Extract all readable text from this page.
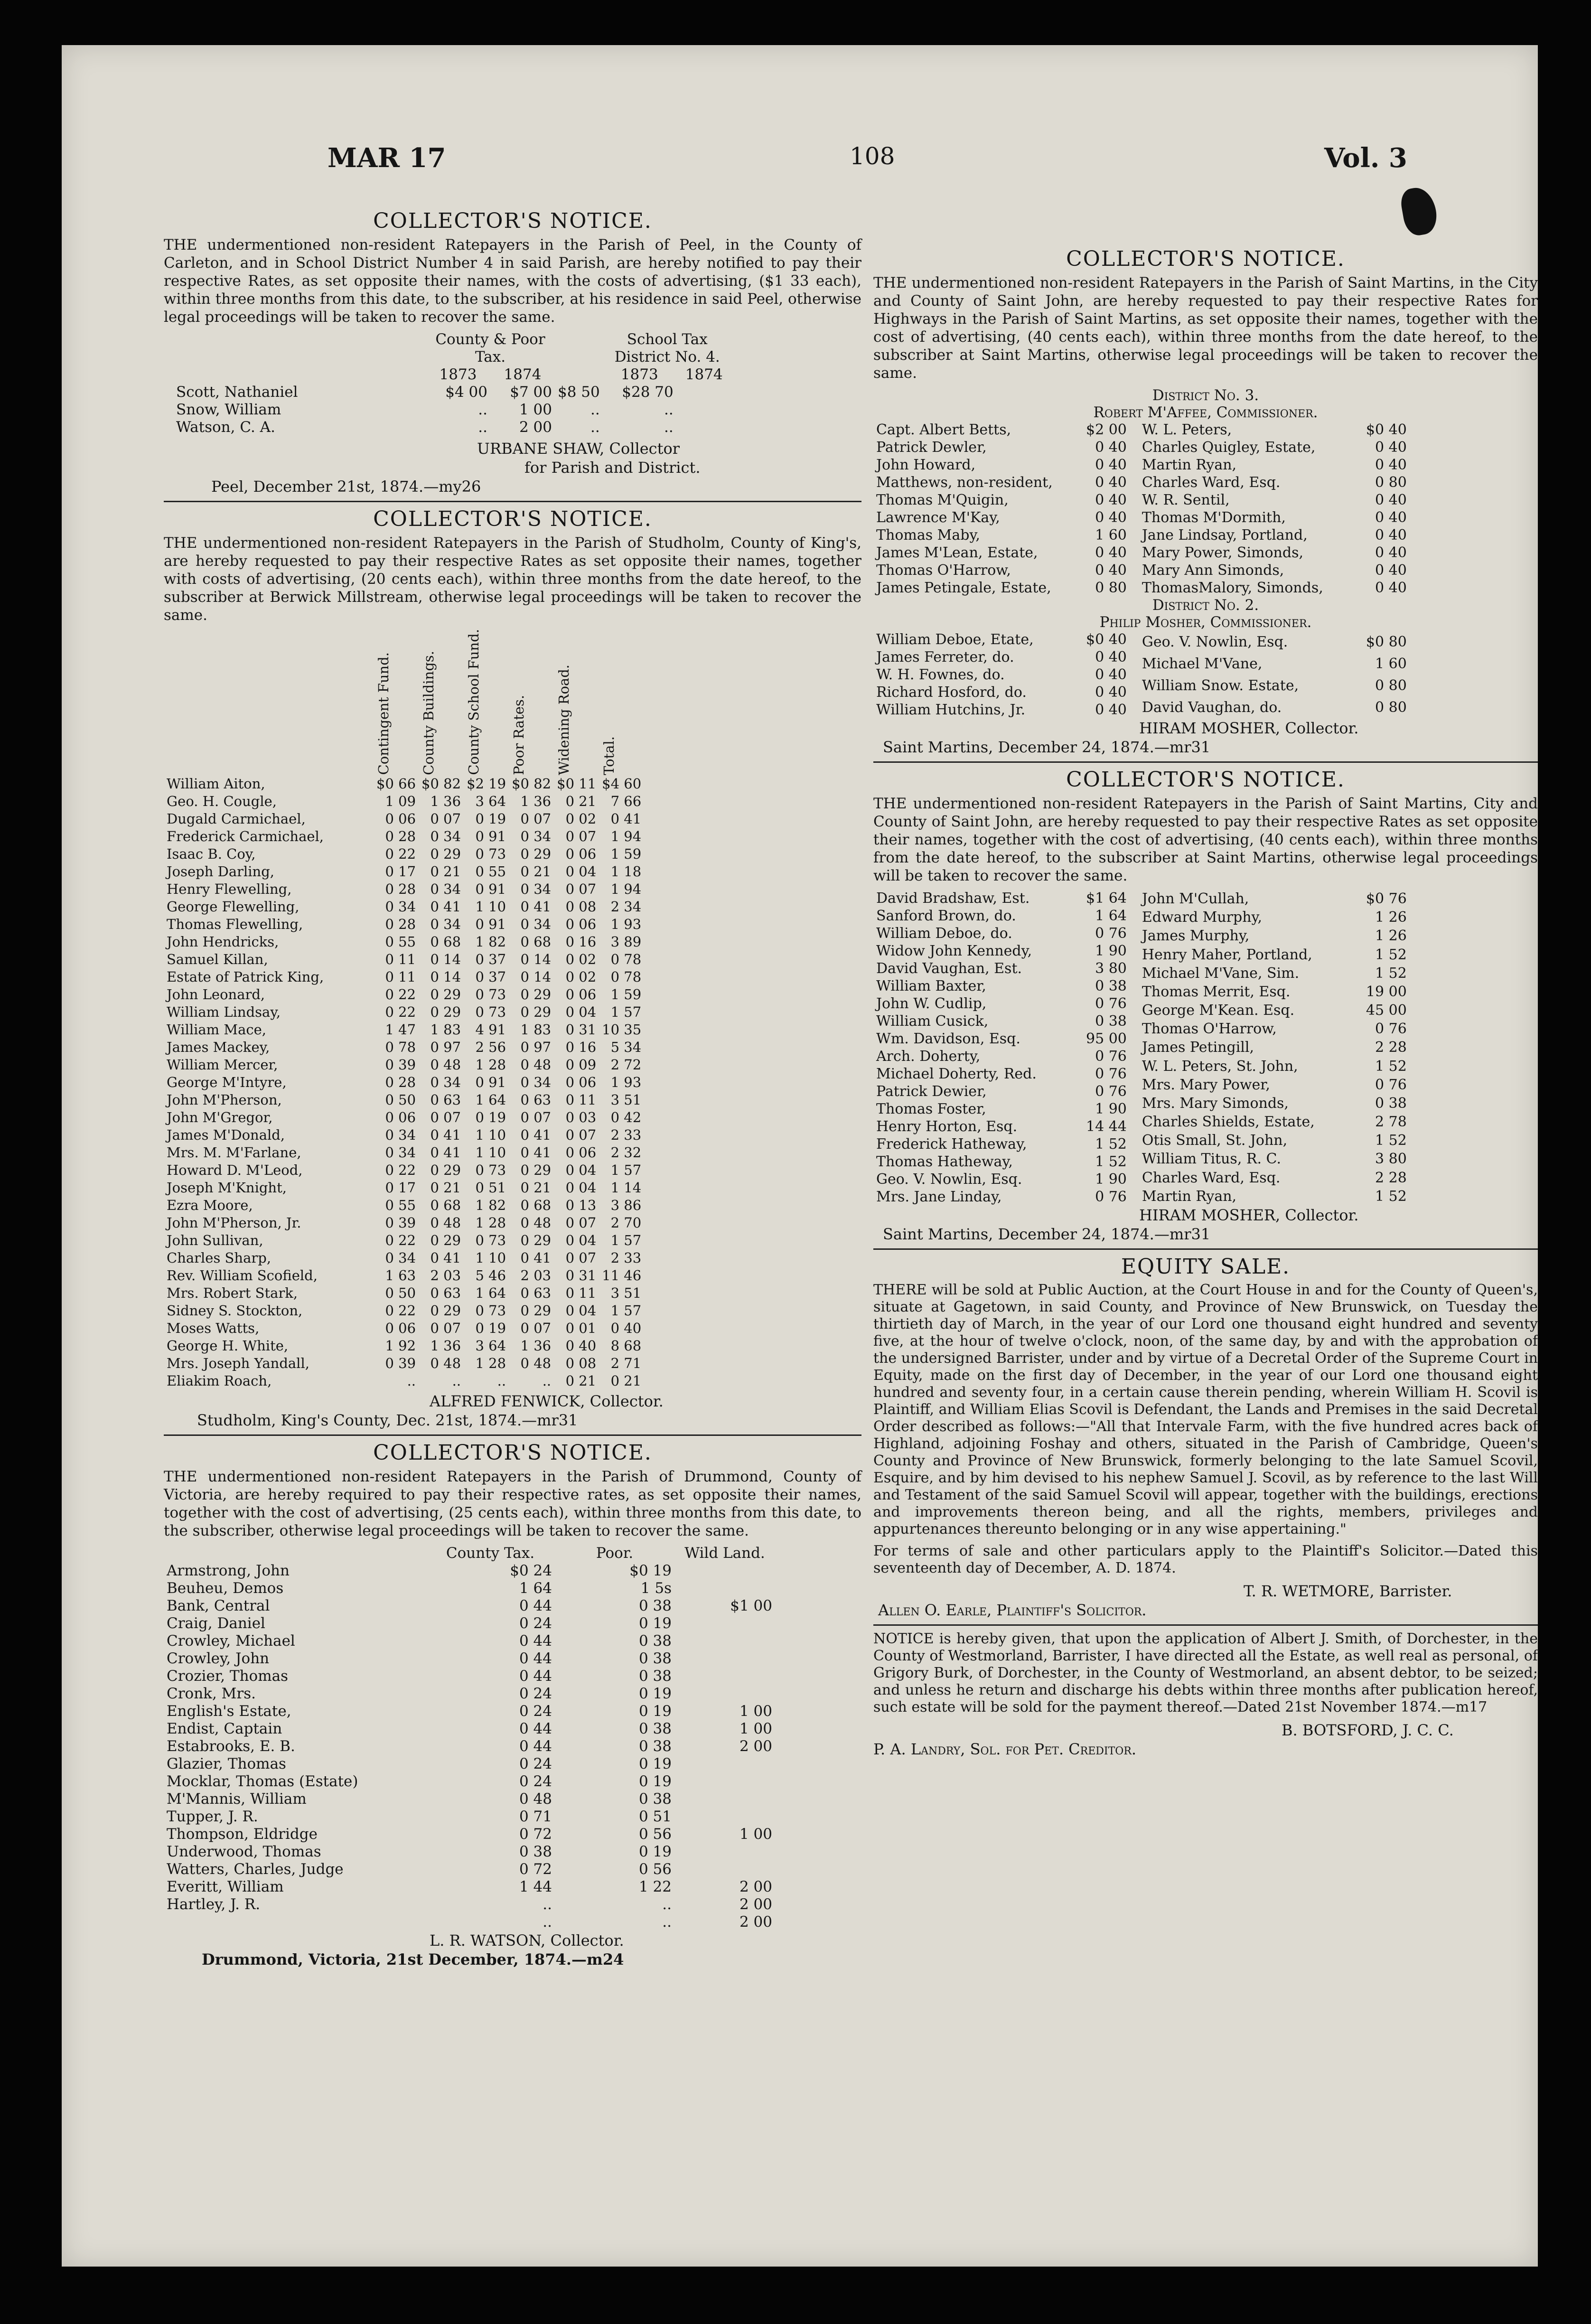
MAR 17	108	Vol. 3
COLLECTOR'S NOTICE.

THE undermentioned non-resident Ratepayers in the Parish of Peel, in the County of Carleton, and in School District Number 4 in said Parish, are hereby notified to pay their respective Rates, as set opposite their names, with the costs of advertising, ($1 33 each), within three months from this date, to the subscriber, at his residence in said Peel, otherwise legal proceedings will be taken to recover the same.

	County & Poor Tax.			School Tax District No. 4.	
	1873	1874		1873	1874
Scott, Nathaniel	$4 00	$7 00	$8 50	$28 70	
Snow, William	..	1 00	..	..	
Watson, C. A.	..	2 00	..	..	
URBANE SHAW, Collector
for Parish and District.
Peel, December 21st, 1874.—my26
COLLECTOR'S NOTICE.

THE undermentioned non-resident Ratepayers in the Parish of Studholm, County of King's, are hereby requested to pay their respective Rates as set opposite their names, together with costs of advertising, (20 cents each), within three months from the date hereof, to the subscriber at Berwick Millstream, otherwise legal proceedings will be taken to recover the same.

	Contingent Fund.	County Buildings.	County School Fund.	Poor Rates.	Widening Road.	Total.

William Aiton,	$0 66	$0 82	$2 19	$0 82	$0 11	$4 60
Geo. H. Cougle,	1 09	1 36	3 64	1 36	0 21	7 66
Dugald Carmichael,	0 06	0 07	0 19	0 07	0 02	0 41
Frederick Carmichael,	0 28	0 34	0 91	0 34	0 07	1 94
Isaac B. Coy,	0 22	0 29	0 73	0 29	0 06	1 59
Joseph Darling,	0 17	0 21	0 55	0 21	0 04	1 18
Henry Flewelling,	0 28	0 34	0 91	0 34	0 07	1 94
George Flewelling,	0 34	0 41	1 10	0 41	0 08	2 34
Thomas Flewelling,	0 28	0 34	0 91	0 34	0 06	1 93
John Hendricks,	0 55	0 68	1 82	0 68	0 16	3 89
Samuel Killan,	0 11	0 14	0 37	0 14	0 02	0 78
Estate of Patrick King,	0 11	0 14	0 37	0 14	0 02	0 78
John Leonard,	0 22	0 29	0 73	0 29	0 06	1 59
William Lindsay,	0 22	0 29	0 73	0 29	0 04	1 57
William Mace,	1 47	1 83	4 91	1 83	0 31	10 35
James Mackey,	0 78	0 97	2 56	0 97	0 16	5 34
William Mercer,	0 39	0 48	1 28	0 48	0 09	2 72
George M'Intyre,	0 28	0 34	0 91	0 34	0 06	1 93
John M'Pherson,	0 50	0 63	1 64	0 63	0 11	3 51
John M'Gregor,	0 06	0 07	0 19	0 07	0 03	0 42
James M'Donald,	0 34	0 41	1 10	0 41	0 07	2 33
Mrs. M. M'Farlane,	0 34	0 41	1 10	0 41	0 06	2 32
Howard D. M'Leod,	0 22	0 29	0 73	0 29	0 04	1 57
Joseph M'Knight,	0 17	0 21	0 51	0 21	0 04	1 14
Ezra Moore,	0 55	0 68	1 82	0 68	0 13	3 86
John M'Pherson, Jr.	0 39	0 48	1 28	0 48	0 07	2 70
John Sullivan,	0 22	0 29	0 73	0 29	0 04	1 57
Charles Sharp,	0 34	0 41	1 10	0 41	0 07	2 33
Rev. William Scofield,	1 63	2 03	5 46	2 03	0 31	11 46
Mrs. Robert Stark,	0 50	0 63	1 64	0 63	0 11	3 51
Sidney S. Stockton,	0 22	0 29	0 73	0 29	0 04	1 57
Moses Watts,	0 06	0 07	0 19	0 07	0 01	0 40
George H. White,	1 92	1 36	3 64	1 36	0 40	8 68
Mrs. Joseph Yandall,	0 39	0 48	1 28	0 48	0 08	2 71
Eliakim Roach,	..	..	..	..	0 21	0 21
ALFRED FENWICK, Collector.
Studholm, King's County, Dec. 21st, 1874.—mr31
COLLECTOR'S NOTICE.

THE undermentioned non-resident Ratepayers in the Parish of Drummond, County of Victoria, are hereby required to pay their respective rates, as set opposite their names, together with the cost of advertising, (25 cents each), within three months from this date, to the subscriber, otherwise legal proceedings will be taken to recover the same.

	County Tax.	Poor.	Wild Land.
Armstrong, John	$0 24	$0 19	
Beuheu, Demos	1 64	1 5s	
Bank, Central	0 44	0 38	$1 00
Craig, Daniel	0 24	0 19	
Crowley, Michael	0 44	0 38	
Crowley, John	0 44	0 38	
Crozier, Thomas	0 44	0 38	
Cronk, Mrs.	0 24	0 19	
English's Estate,	0 24	0 19	1 00
Endist, Captain	0 44	0 38	1 00
Estabrooks, E. B.	0 44	0 38	2 00
Glazier, Thomas	0 24	0 19	
Mocklar, Thomas (Estate)	0 24	0 19	
M'Mannis, William	0 48	0 38	
Tupper, J. R.	0 71	0 51	
Thompson, Eldridge	0 72	0 56	1 00
Underwood, Thomas	0 38	0 19	
Watters, Charles, Judge	0 72	0 56	
Everitt, William	1 44	1 22	2 00
Hartley, J. R.	..	..	2 00
	..	..	2 00
L. R. WATSON, Collector.
Drummond, Victoria, 21st December, 1874.—m24
COLLECTOR'S NOTICE.

THE undermentioned non-resident Ratepayers in the Parish of Saint Martins, in the City and County of Saint John, are hereby requested to pay their respective Rates for Highways in the Parish of Saint Martins, as set opposite their names, together with the cost of advertising, (40 cents each), within three months from the date hereof, to the subscriber at Saint Martins, otherwise legal proceedings will be taken to recover the same.

District No. 3.
Robert M'Affee, Commissioner.
Capt. Albert Betts,	$2 00
Patrick Dewler,	0 40
John Howard,	0 40
Matthews, non-resident,	0 40
Thomas M'Quigin,	0 40
Lawrence M'Kay,	0 40
Thomas Maby,	1 60
James M'Lean, Estate,	0 40
Thomas O'Harrow,	0 40
James Petingale, Estate,	0 80
W. L. Peters,	$0 40
Charles Quigley, Estate,	0 40
Martin Ryan,	0 40
Charles Ward, Esq.	0 80
W. R. Sentil,	0 40
Thomas M'Dormith,	0 40
Jane Lindsay, Portland,	0 40
Mary Power, Simonds,	0 40
Mary Ann Simonds,	0 40
ThomasMalory, Simonds,	0 40
District No. 2.
Philip Mosher, Commissioner.
William Deboe, Etate,	$0 40
James Ferreter, do.	0 40
W. H. Fownes, do.	0 40
Richard Hosford, do.	0 40
William Hutchins, Jr.	0 40
Geo. V. Nowlin, Esq.	$0 80
Michael M'Vane,	1 60
William Snow. Estate,	0 80
David Vaughan, do.	0 80
HIRAM MOSHER, Collector.
Saint Martins, December 24, 1874.—mr31
COLLECTOR'S NOTICE.

THE undermentioned non-resident Ratepayers in the Parish of Saint Martins, City and County of Saint John, are hereby requested to pay their respective Rates as set opposite their names, together with the cost of advertising, (40 cents each), within three months from the date hereof, to the subscriber at Saint Martins, otherwise legal proceedings will be taken to recover the same.

David Bradshaw, Est.	$1 64
Sanford Brown, do.	1 64
William Deboe, do.	0 76
Widow John Kennedy,	1 90
David Vaughan, Est.	3 80
William Baxter,	0 38
John W. Cudlip,	0 76
William Cusick,	0 38
Wm. Davidson, Esq.	95 00
Arch. Doherty,	0 76
Michael Doherty, Red.	0 76
Patrick Dewier,	0 76
Thomas Foster,	1 90
Henry Horton, Esq.	14 44
Frederick Hatheway,	1 52
Thomas Hatheway,	1 52
Geo. V. Nowlin, Esq.	1 90
Mrs. Jane Linday,	0 76
John M'Cullah,	$0 76
Edward Murphy,	1 26
James Murphy,	1 26
Henry Maher, Portland,	1 52
Michael M'Vane, Sim.	1 52
Thomas Merrit, Esq.	19 00
George M'Kean. Esq.	45 00
Thomas O'Harrow,	0 76
James Petingill,	2 28
W. L. Peters, St. John,	1 52
Mrs. Mary Power,	0 76
Mrs. Mary Simonds,	0 38
Charles Shields, Estate,	2 78
Otis Small, St. John,	1 52
William Titus, R. C.	3 80
Charles Ward, Esq.	2 28
Martin Ryan,	1 52
HIRAM MOSHER, Collector.
Saint Martins, December 24, 1874.—mr31
EQUITY SALE.

THERE will be sold at Public Auction, at the Court House in and for the County of Queen's, situate at Gagetown, in said County, and Province of New Brunswick, on Tuesday the thirtieth day of March, in the year of our Lord one thousand eight hundred and seventy five, at the hour of twelve o'clock, noon, of the same day, by and with the approbation of the undersigned Barrister, under and by virtue of a Decretal Order of the Supreme Court in Equity, made on the first day of December, in the year of our Lord one thousand eight hundred and seventy four, in a certain cause therein pending, wherein William H. Scovil is Plaintiff, and William Elias Scovil is Defendant, the Lands and Premises in the said Decretal Order described as follows:—"All that Intervale Farm, with the five hundred acres back of Highland, adjoining Foshay and others, situated in the Parish of Cambridge, Queen's County and Province of New Brunswick, formerly belonging to the late Samuel Scovil, Esquire, and by him devised to his nephew Samuel J. Scovil, as by reference to the last Will and Testament of the said Samuel Scovil will appear, together with the buildings, erections and improvements thereon being, and all the rights, members, privileges and appurtenances thereunto belonging or in any wise appertaining."

For terms of sale and other particulars apply to the Plaintiff's Solicitor.—Dated this seventeenth day of December, A. D. 1874.

T. R. WETMORE, Barrister.
Allen O. Earle, Plaintiff's Solicitor.

NOTICE is hereby given, that upon the application of Albert J. Smith, of Dorchester, in the County of Westmorland, Barrister, I have directed all the Estate, as well real as personal, of Grigory Burk, of Dorchester, in the County of Westmorland, an absent debtor, to be seized; and unless he return and discharge his debts within three months after publication hereof, such estate will be sold for the payment thereof.—Dated 21st November 1874.—m17

B. BOTSFORD, J. C. C.
P. A. Landry, Sol. for Pet. Creditor.
